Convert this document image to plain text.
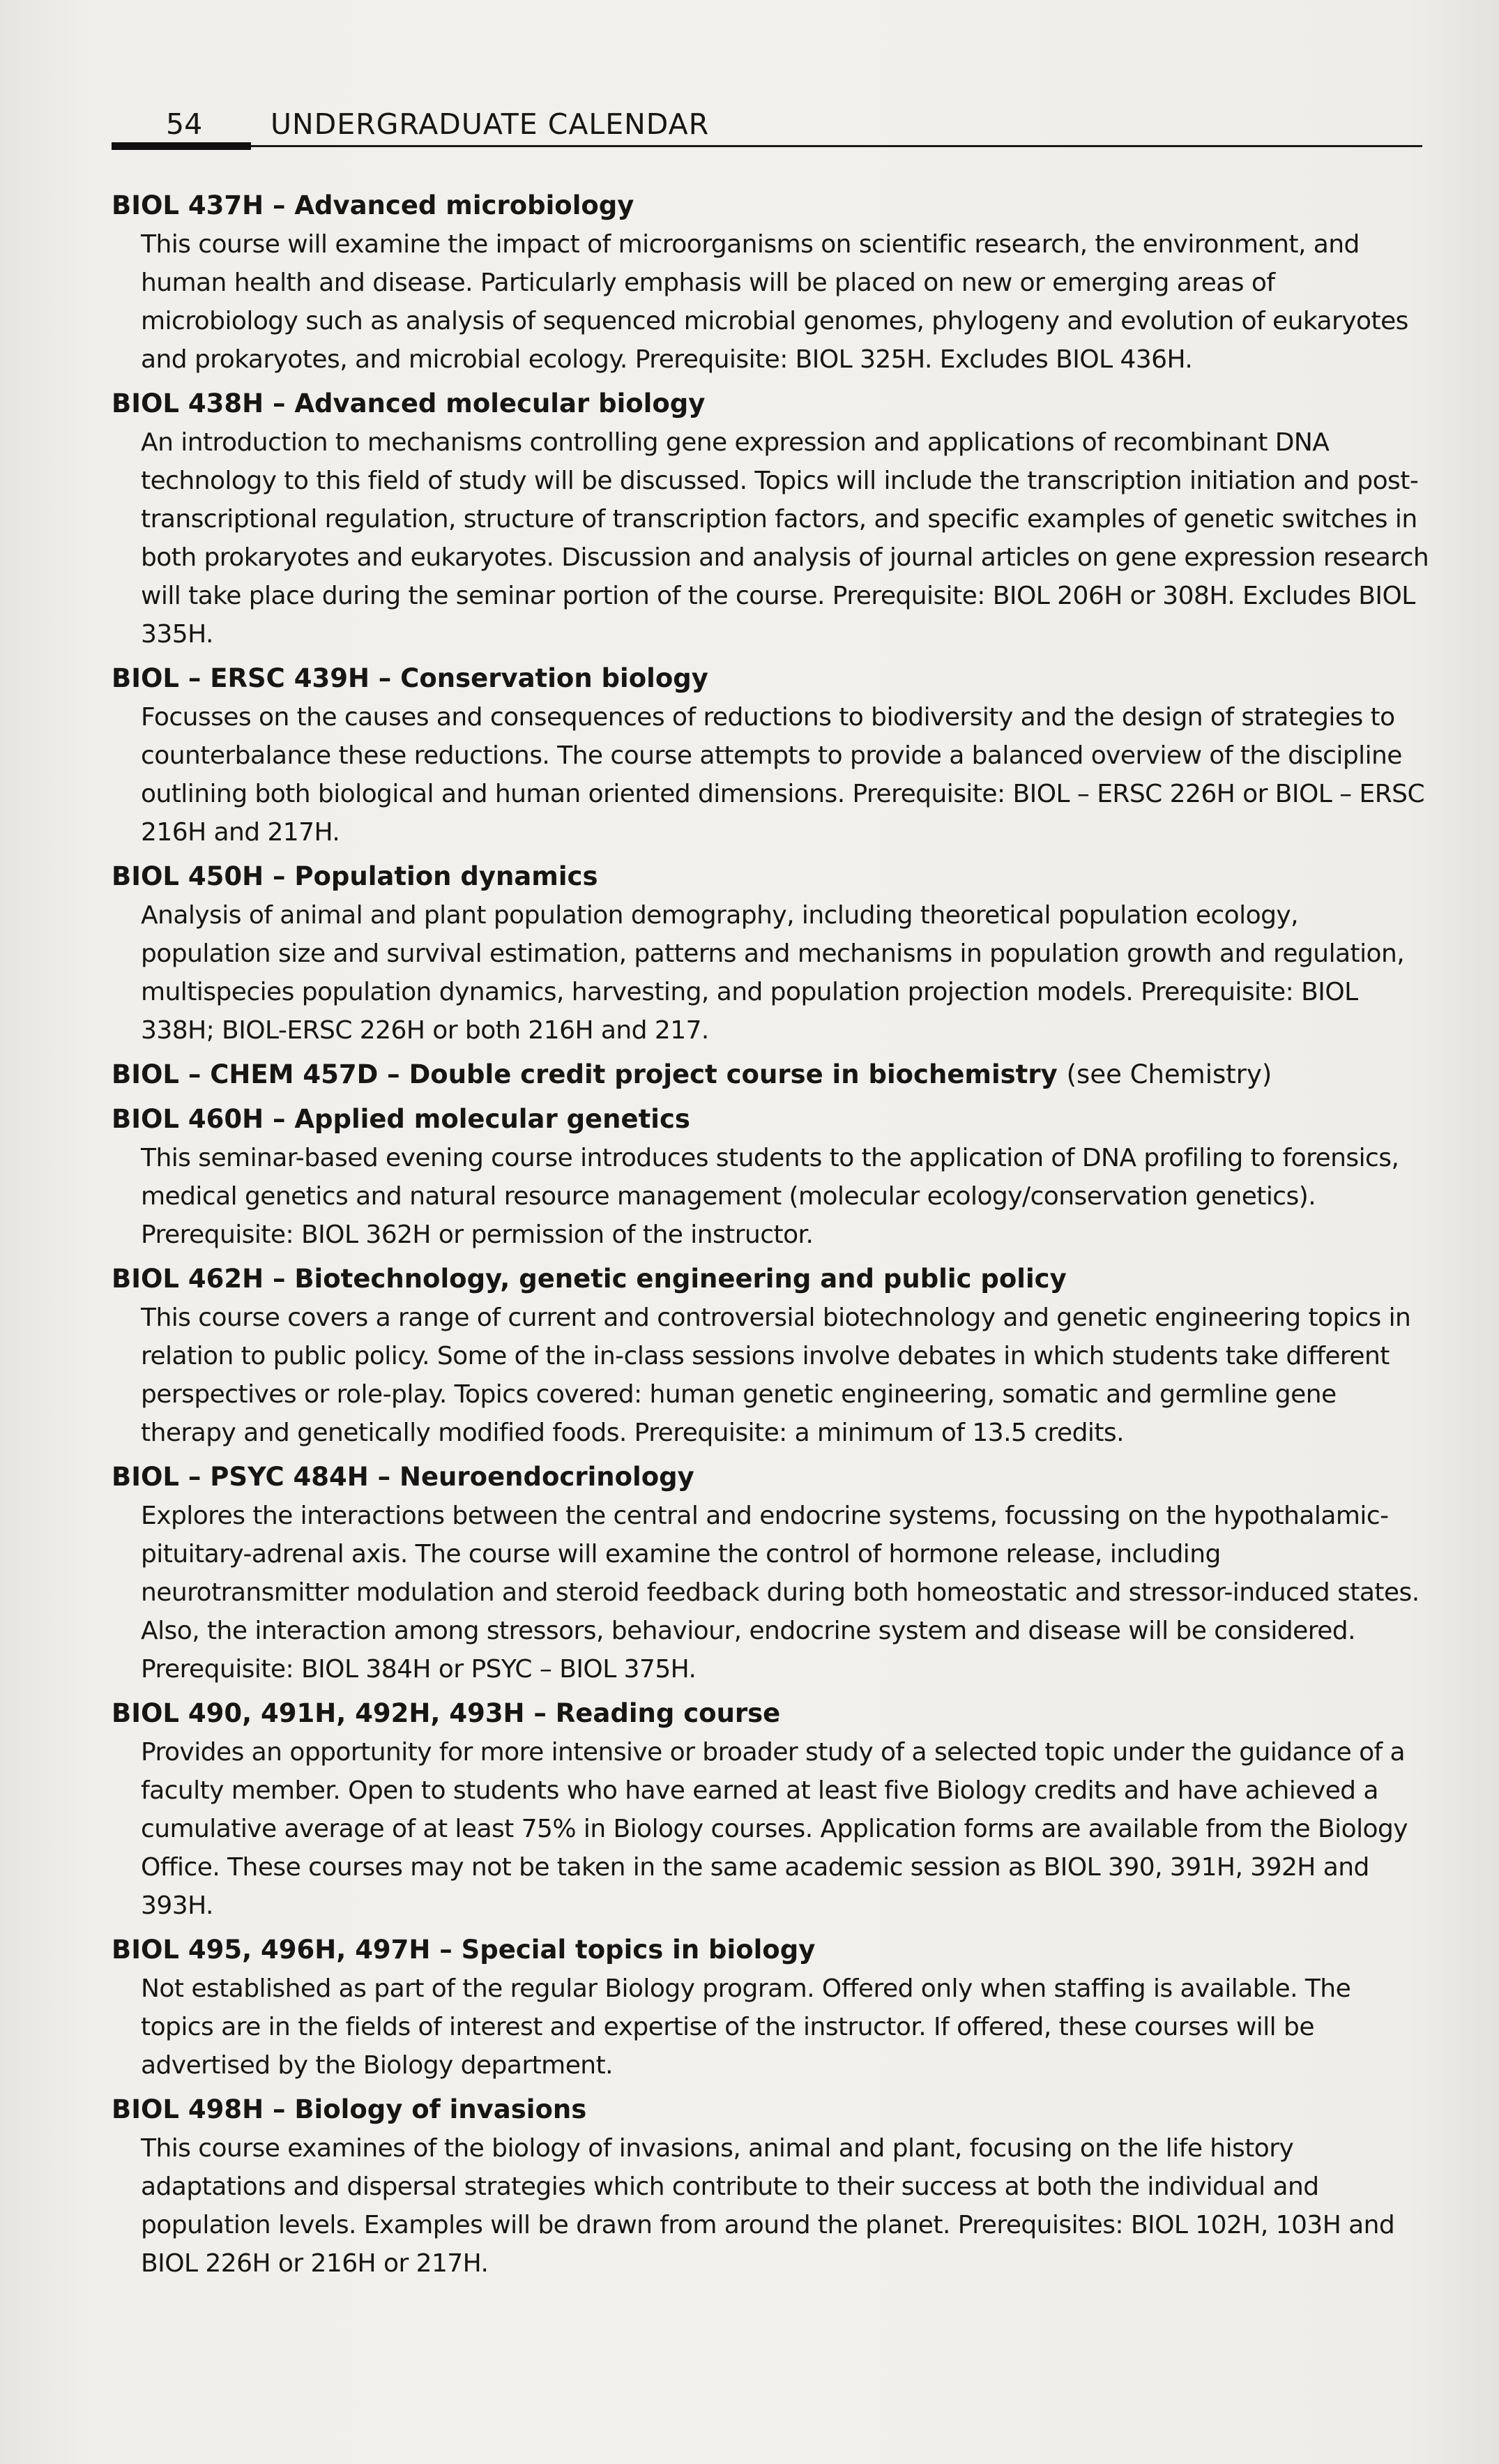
54 UNDERGRADUATE CALENDAR

BIOL 437H – Advanced microbiology

This course will examine the impact of microorganisms on scientific research, the environment, and human health and disease. Particularly emphasis will be placed on new or emerging areas of microbiology such as analysis of sequenced microbial genomes, phylogeny and evolution of eukaryotes and prokaryotes, and microbial ecology. Prerequisite: BIOL 325H. Excludes BIOL 436H.

BIOL 438H – Advanced molecular biology

An introduction to mechanisms controlling gene expression and applications of recombinant DNA technology to this field of study will be discussed. Topics will include the transcription initiation and post-transcriptional regulation, structure of transcription factors, and specific examples of genetic switches in both prokaryotes and eukaryotes. Discussion and analysis of journal articles on gene expression research will take place during the seminar portion of the course. Prerequisite: BIOL 206H or 308H. Excludes BIOL 335H.

BIOL – ERSC 439H – Conservation biology

Focusses on the causes and consequences of reductions to biodiversity and the design of strategies to counterbalance these reductions. The course attempts to provide a balanced overview of the discipline outlining both biological and human oriented dimensions. Prerequisite: BIOL – ERSC 226H or BIOL – ERSC 216H and 217H.

BIOL 450H – Population dynamics

Analysis of animal and plant population demography, including theoretical population ecology, population size and survival estimation, patterns and mechanisms in population growth and regulation, multispecies population dynamics, harvesting, and population projection models. Prerequisite: BIOL 338H; BIOL-ERSC 226H or both 216H and 217.

BIOL – CHEM 457D – Double credit project course in biochemistry (see Chemistry)

BIOL 460H – Applied molecular genetics

This seminar-based evening course introduces students to the application of DNA profiling to forensics, medical genetics and natural resource management (molecular ecology/conservation genetics). Prerequisite: BIOL 362H or permission of the instructor.

BIOL 462H – Biotechnology, genetic engineering and public policy

This course covers a range of current and controversial biotechnology and genetic engineering topics in relation to public policy. Some of the in-class sessions involve debates in which students take different perspectives or role-play. Topics covered: human genetic engineering, somatic and germline gene therapy and genetically modified foods. Prerequisite: a minimum of 13.5 credits.

BIOL – PSYC 484H – Neuroendocrinology

Explores the interactions between the central and endocrine systems, focussing on the hypothalamic-pituitary-adrenal axis. The course will examine the control of hormone release, including neurotransmitter modulation and steroid feedback during both homeostatic and stressor-induced states. Also, the interaction among stressors, behaviour, endocrine system and disease will be considered. Prerequisite: BIOL 384H or PSYC – BIOL 375H.

BIOL 490, 491H, 492H, 493H – Reading course

Provides an opportunity for more intensive or broader study of a selected topic under the guidance of a faculty member. Open to students who have earned at least five Biology credits and have achieved a cumulative average of at least 75% in Biology courses. Application forms are available from the Biology Office. These courses may not be taken in the same academic session as BIOL 390, 391H, 392H and 393H.

BIOL 495, 496H, 497H – Special topics in biology

Not established as part of the regular Biology program. Offered only when staffing is available. The topics are in the fields of interest and expertise of the instructor. If offered, these courses will be advertised by the Biology department.

BIOL 498H – Biology of invasions

This course examines of the biology of invasions, animal and plant, focusing on the life history adaptations and dispersal strategies which contribute to their success at both the individual and population levels. Examples will be drawn from around the planet. Prerequisites: BIOL 102H, 103H and BIOL 226H or 216H or 217H.
